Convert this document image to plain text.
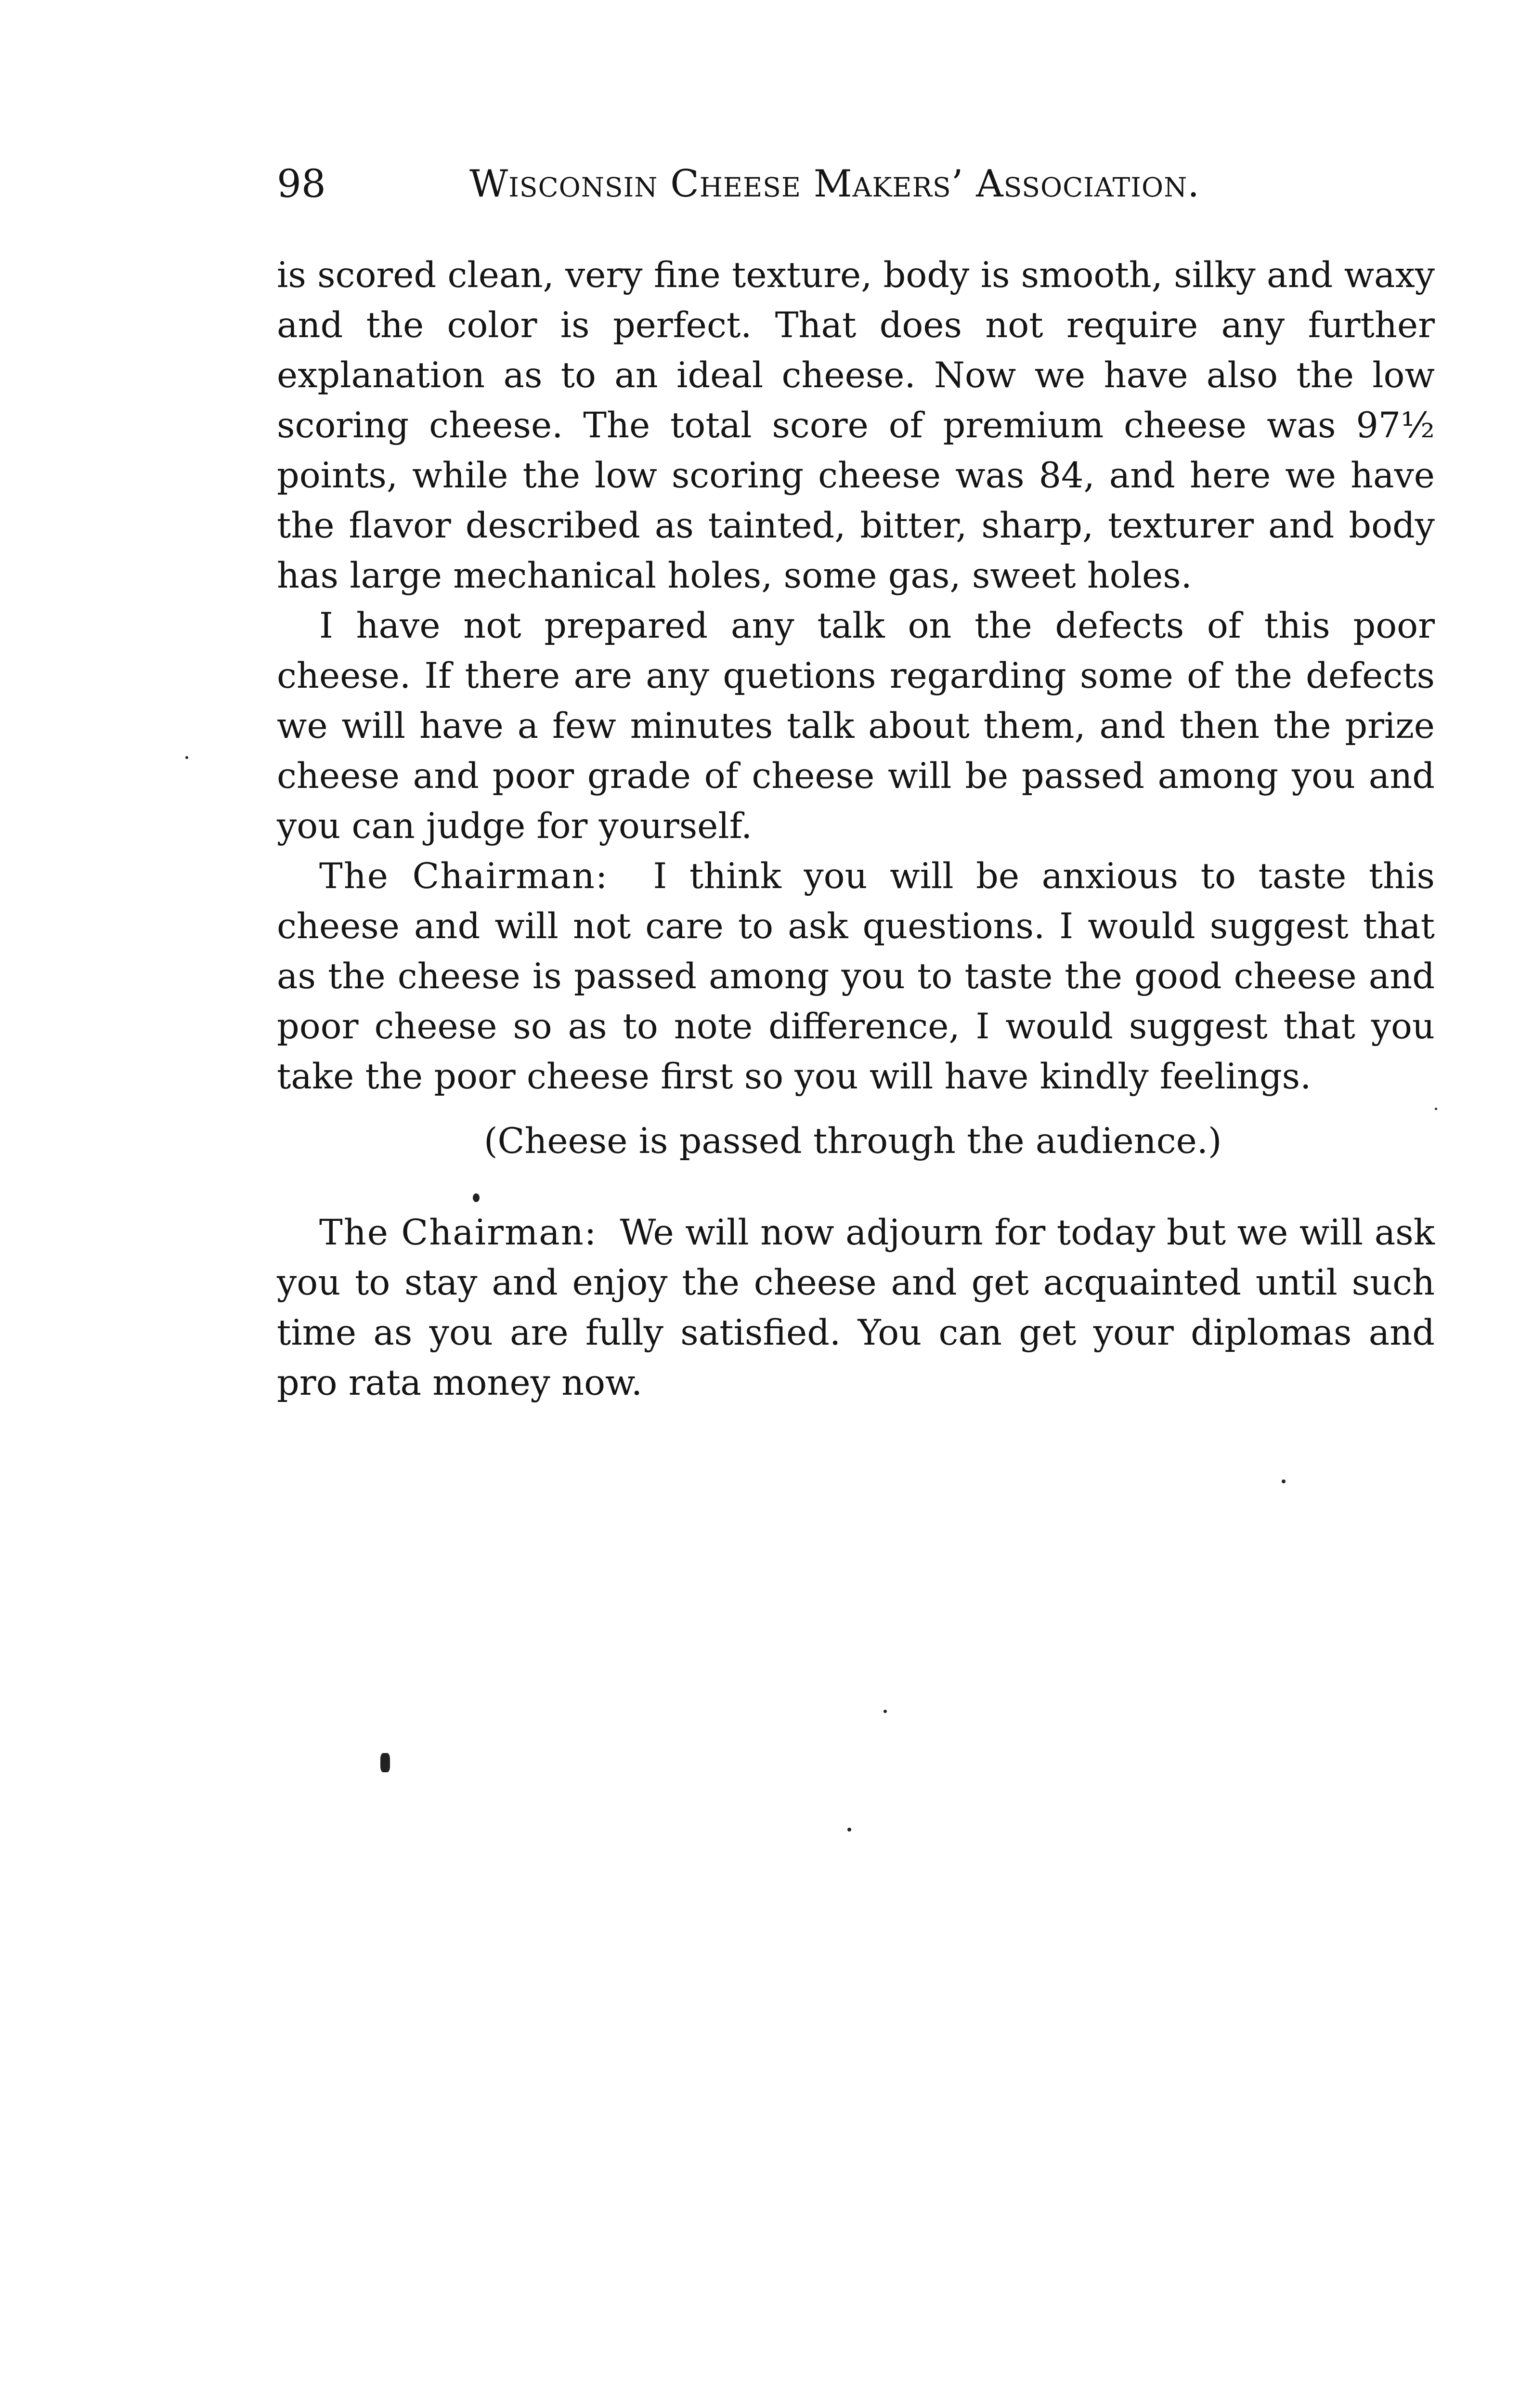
98	Wisconsin Cheese Makers’ Association.

is scored clean, very fine texture, body is smooth, silky and waxy and the color is perfect. That does not require any further explanation as to an ideal cheese. Now we have also the low scoring cheese. The total score of premium cheese was 97½ points, while the low scoring cheese was 84, and here we have the flavor described as tainted, bitter, sharp, texturer and body has large mechanical holes, some gas, sweet holes.

I have not prepared any talk on the defects of this poor cheese. If there are any quetions regarding some of the defects we will have a few minutes talk about them, and then the prize cheese and poor grade of cheese will be passed among you and you can judge for yourself.

The Chairman: I think you will be anxious to taste this cheese and will not care to ask questions. I would suggest that as the cheese is passed among you to taste the good cheese and poor cheese so as to note difference, I would suggest that you take the poor cheese first so you will have kindly feelings.

(Cheese is passed through the audience.)

The Chairman: We will now adjourn for today but we will ask you to stay and enjoy the cheese and get acquainted until such time as you are fully satisfied. You can get your diplomas and pro rata money now.
